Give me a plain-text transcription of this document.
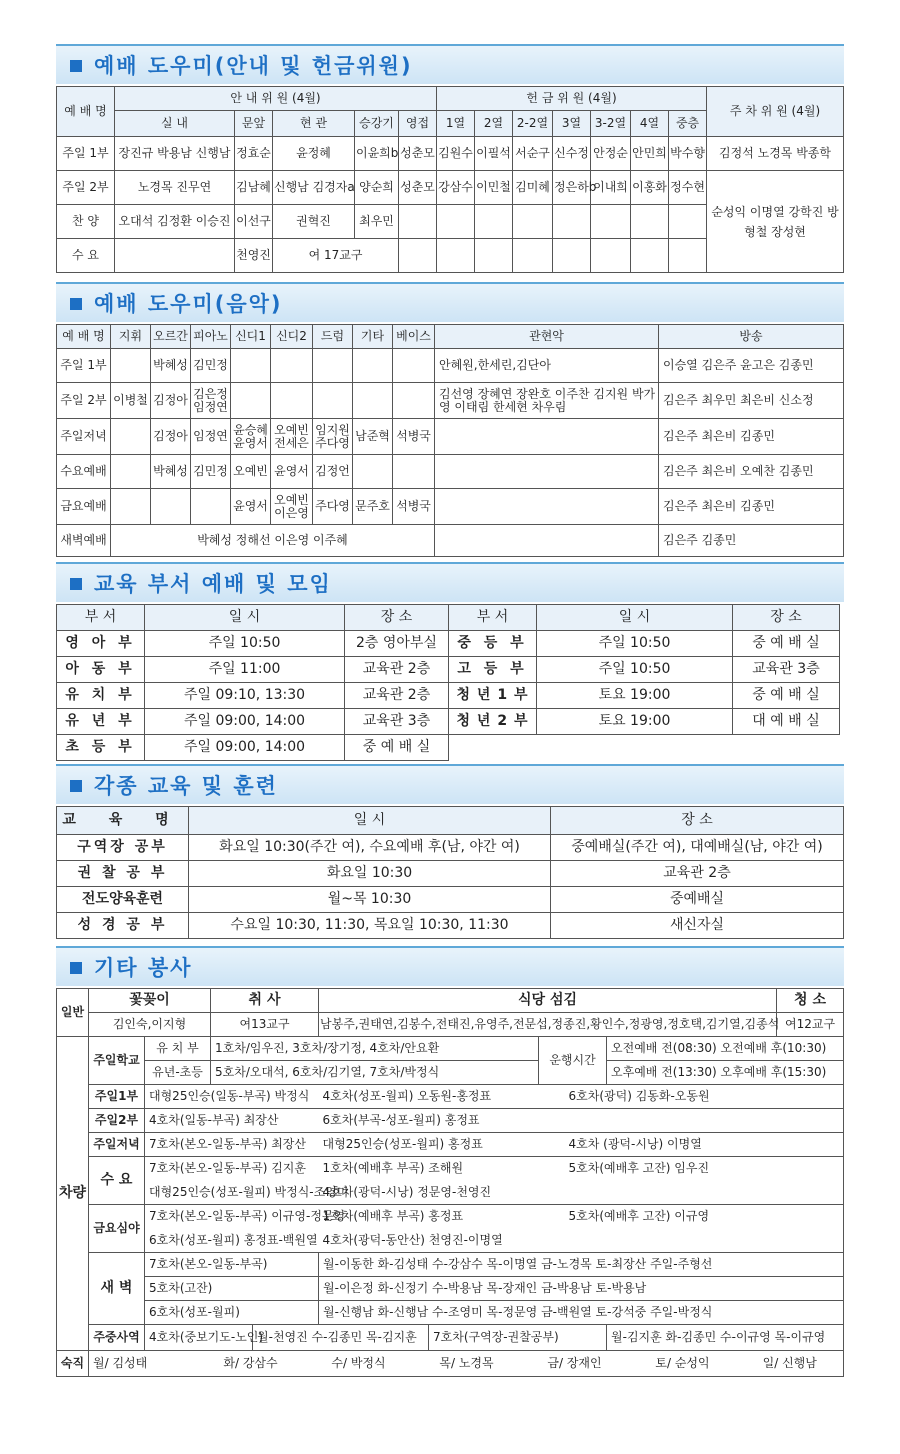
예배 도우미(안내 및 헌금위원)
예 배 명	안 내 위 원 (4월)					헌 금 위 원 (4월)							주 차 위 원 (4월)
	실 내	문앞	현 관	승강기	영접	1열	2열	2-2열	3열	3-2열	4열	중층	
주일 1부	장진규 박용남 신행남	정효순	윤정혜	이윤희b	성춘모	김원수	이필석	서순구	신수정	안정순	안민희	박수향	김정석 노경목 박종학
주일 2부	노경목 진무연	김남혜	신행남 김경자a	양순희	성춘모	강삼수	이민철	김미혜	정은하b	이내희	이홍화	정수현	순성익 이명열 강학진 방형철 장성현
찬 양	오대석 김정환 이승진	이선구	권혁진	최우민									
수 요		천영진	여 17교구										
예배 도우미(음악)
예 배 명	지휘	오르간	피아노	신디1	신디2	드럼	기타	베이스	관현악	방송
주일 1부		박혜성	김민정						안혜원,한세린,김단아	이승열 김은주 윤고은 김종민
주일 2부	이병철	김정아	김은정 임정연						김선영 장혜연 장완호 이주찬 김지원 박가영 이태림 한세현 차우림	김은주 최우민 최은비 신소정
주일저녁		김정아	임정연	윤승혜 윤영서	오예빈 전세은	임지원 주다영	남준혁	석병국		김은주 최은비 김종민
수요예배		박혜성	김민정	오예빈	윤영서	김정언				김은주 최은비 오예찬 김종민
금요예배				윤영서	오예빈 이은영	주다영	문주호	석병국		김은주 최은비 김종민
새벽예배	박혜성 정해선 이은영 이주혜									김은주 김종민
교육 부서 예배 및 모임
부 서	일 시	장 소	부 서	일 시	장 소
영 아 부	주일 10:50	2층 영아부실	중 등 부	주일 10:50	중 예 배 실
아 동 부	주일 11:00	교육관 2층	고 등 부	주일 10:50	교육관 3층
유 치 부	주일 09:10, 13:30	교육관 2층	청 년 1 부	토요 19:00	중 예 배 실
유 년 부	주일 09:00, 14:00	교육관 3층	청 년 2 부	토요 19:00	대 예 배 실
초 등 부	주일 09:00, 14:00	중 예 배 실			
각종 교육 및 훈련
교 육 명	일 시	장 소
구역장 공부	화요일 10:30(주간 여), 수요예배 후(남, 야간 여)	중예배실(주간 여), 대예배실(남, 야간 여)
권 찰 공 부	화요일 10:30	교육관 2층
전도양육훈련	월~목 10:30	중예배실
성 경 공 부	수요일 10:30, 11:30, 목요일 10:30, 11:30	새신자실
기타 봉사
일반	꽃꽂이		취 사		식당 섬김					청 소
	김인숙,이지형		여13교구		남봉주,권태연,김봉수,전태진,유영주,전문섭,정종진,황인수,정광영,정호택,김기열,김종석					여12교구
차량	주일학교	유 치 부	1호차/임우진, 3호차/장기정, 4호차/안요환				운행시간		오전예배 전(08:30) 오전예배 후(10:30)	
		유년-초등	5호차/오대석, 6호차/김기열, 7호차/박정식						오후예배 전(13:30) 오후예배 후(15:30)	
	주일1부	대형25인승(일동-부곡) 박정식			4호차(성포-월피) 오동원-홍정표			6호차(광덕) 김동화-오동원		
	주일2부	4호차(일동-부곡) 최장산			6호차(부곡-성포-월피) 홍정표					
	주일저녁	7호차(본오-일동-부곡) 최장산			대형25인승(성포-월피) 홍정표			4호차 (광덕-시낭) 이명열		
	수 요	7호차(본오-일동-부곡) 김지훈			1호차(예배후 부곡) 조해원			5호차(예배후 고잔) 임우진		
		대형25인승(성포-월피) 박정식-조영미			4호차(광덕-시낭) 정문영-천영진					
	금요심야	7호차(본오-일동-부곡) 이규영-정문영			1호차(예배후 부곡) 홍정표			5호차(예배후 고잔) 이규영		
		6호차(성포-월피) 홍정표-백원열			4호차(광덕-동안산) 천영진-이명열					
	새 벽	7호차(본오-일동-부곡)			월-이동한 화-김성태 수-강삼수 목-이명열 금-노경목 토-최장산 주일-주형선					
		5호차(고잔)			월-이은정 화-신정기 수-박용남 목-장재인 금-박용남 토-박용남					
		6호차(성포-월피)			월-신행남 화-신행남 수-조영미 목-정문영 금-백원열 토-강석중 주일-박정식					
	주중사역	4호차(중보기도-노인)		월-천영진 수-김종민 목-김지훈		7호차(구역장-권찰공부)			월-김지훈 화-김종민 수-이규영 목-이규영	
숙직	월/ 김성태	화/ 강삼수	수/ 박정식	목/ 노경목	금/ 장재인	토/ 순성익	일/ 신행남
